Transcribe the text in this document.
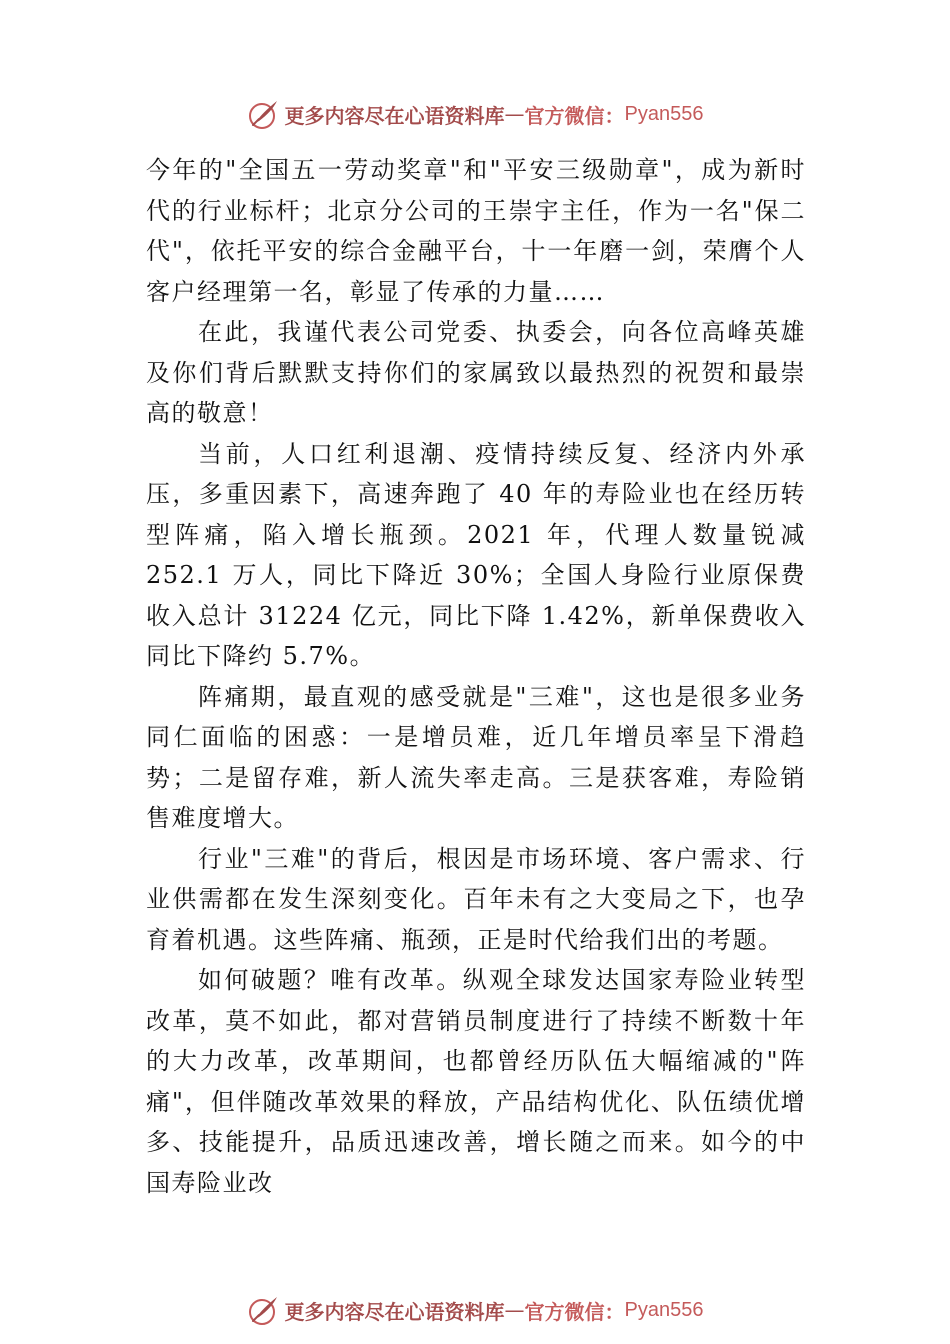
更多内容尽在心语资料库 — 官方微信： Pyan556

今年的"全国五一劳动奖章"和"平安三级勋章"，成为新时代的行业标杆；北京分公司的王崇宇主任，作为一名"保二代"，依托平安的综合金融平台，十一年磨一剑，荣膺个人客户经理第一名，彰显了传承的力量……

在此，我谨代表公司党委、执委会，向各位高峰英雄及你们背后默默支持你们的家属致以最热烈的祝贺和最崇高的敬意！

当前，人口红利退潮、疫情持续反复、经济内外承压，多重因素下，高速奔跑了 40 年的寿险业也在经历转型阵痛，陷入增长瓶颈。2021 年，代理人数量锐减 252.1 万人，同比下降近 30%；全国人身险行业原保费收入总计 31224 亿元，同比下降 1.42%，新单保费收入同比下降约 5.7%。

阵痛期，最直观的感受就是"三难"，这也是很多业务同仁面临的困惑：一是增员难，近几年增员率呈下滑趋势；二是留存难，新人流失率走高。三是获客难，寿险销售难度增大。

行业"三难"的背后，根因是市场环境、客户需求、行业供需都在发生深刻变化。百年未有之大变局之下，也孕育着机遇。这些阵痛、瓶颈，正是时代给我们出的考题。

如何破题？唯有改革。纵观全球发达国家寿险业转型改革，莫不如此，都对营销员制度进行了持续不断数十年的大力改革，改革期间，也都曾经历队伍大幅缩减的"阵痛"，但伴随改革效果的释放，产品结构优化、队伍绩优增多、技能提升，品质迅速改善，增长随之而来。如今的中国寿险业改

更多内容尽在心语资料库 — 官方微信： Pyan556
